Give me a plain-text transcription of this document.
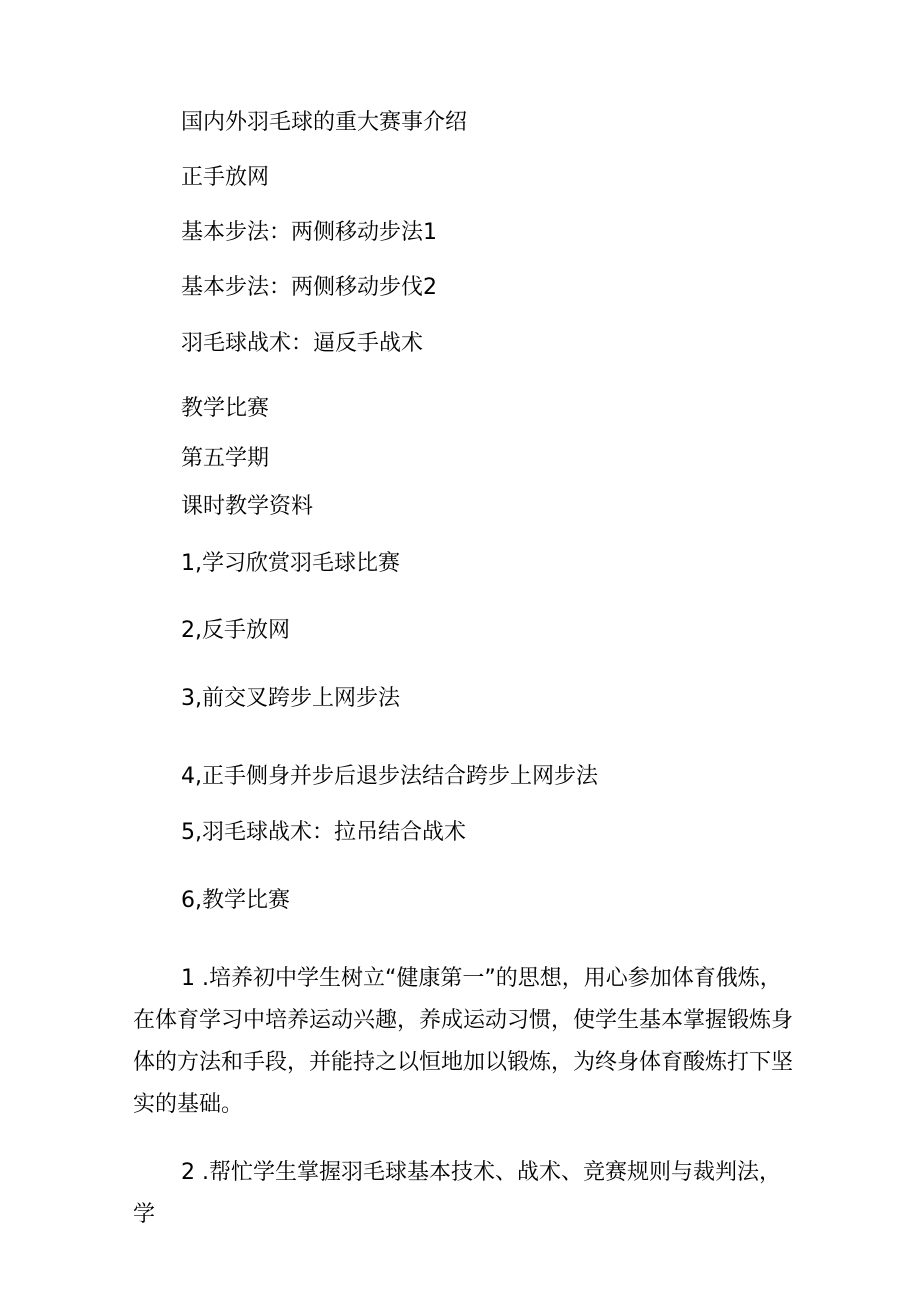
国内外羽毛球的重大赛事介绍
正手放网
基本步法：两侧移动步法1
基本步法：两侧移动步伐2
羽毛球战术：逼反手战术
教学比赛
第五学期
课时教学资料
1,学习欣赏羽毛球比赛
2,反手放网
3,前交叉跨步上网步法
4,正手侧身并步后退步法结合跨步上网步法
5,羽毛球战术：拉吊结合战术
6,教学比赛
1 .培养初中学生树立“健康第一”的思想，用心参加体育俄炼，在体育学习中培养运动兴趣，养成运动习惯，使学生基本掌握锻炼身体的方法和手段，并能持之以恒地加以锻炼，为终身体育酸炼打下坚实的基础。
2 .帮忙学生掌握羽毛球基本技术、战术、竞赛规则与裁判法，学
